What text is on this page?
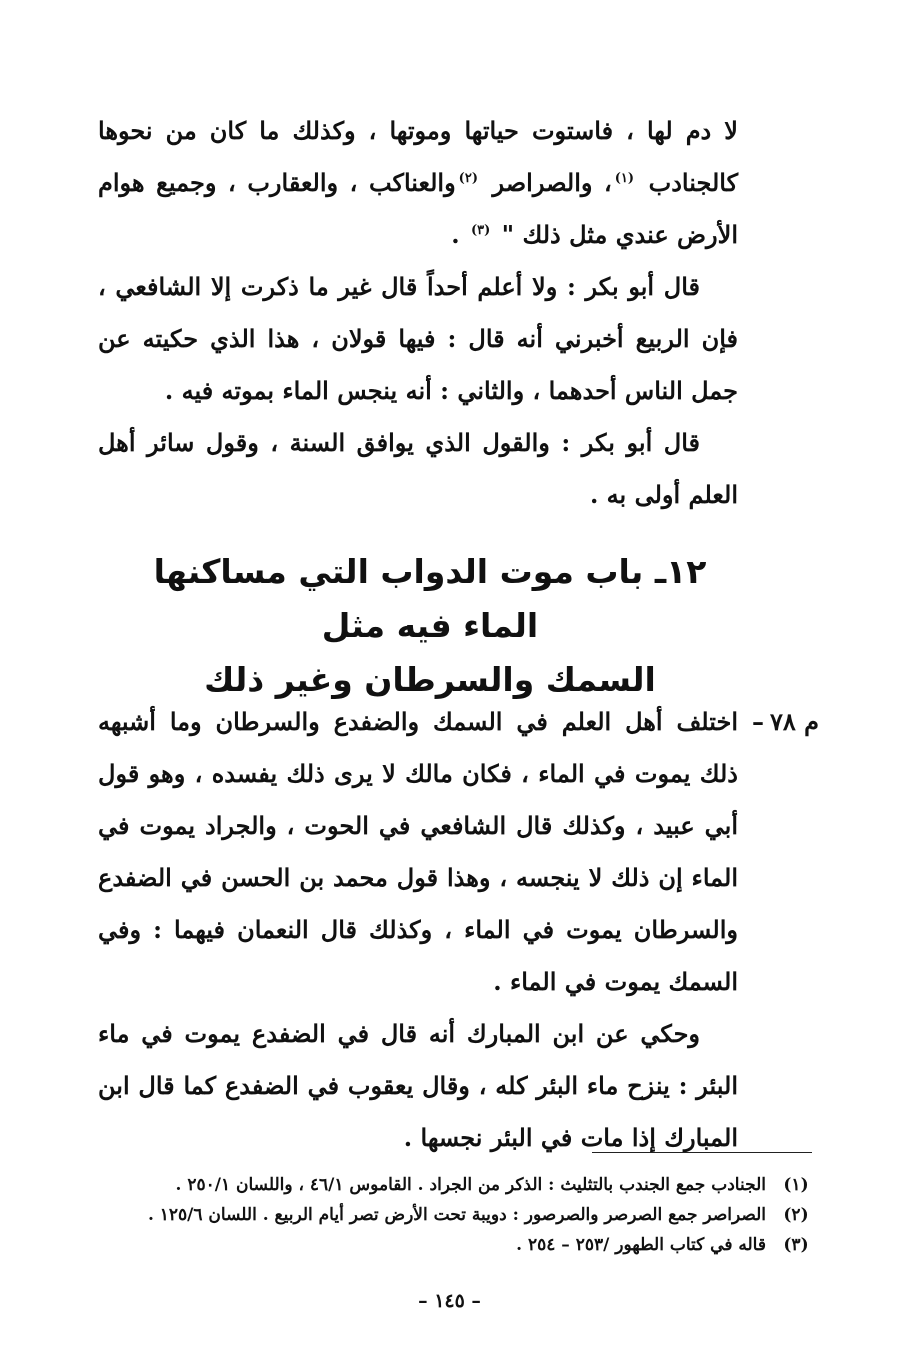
لا دم لها ، فاستوت حياتها وموتها ، وكذلك ما كان من نحوها كالجنادب $^{(١)}$، والصراصر $^{(٢)}$والعناكب ، والعقارب ، وجميع هوام الأرض عندي مثل ذلك " $^{(٣)}$ .

قال أبو بكر : ولا أعلم أحداً قال غير ما ذكرت إلا الشافعي ، فإن الربيع أخبرني أنه قال : فيها قولان ، هذا الذي حكيته عن جمل الناس أحدهما ، والثاني : أنه ينجس الماء بموته فيه .

قال أبو بكر : والقول الذي يوافق السنة ، وقول سائر أهل العلم أولى به .

١٢ـ باب موت الدواب التي مساكنها الماء فيه مثل
السمك والسرطان وغير ذلك
م ٧٨–

اختلف أهل العلم في السمك والضفدع والسرطان وما أشبهه ذلك يموت في الماء ، فكان مالك لا يرى ذلك يفسده ، وهو قول أبي عبيد ، وكذلك قال الشافعي في الحوت ، والجراد يموت في الماء إن ذلك لا ينجسه ، وهذا قول محمد بن الحسن في الضفدع والسرطان يموت في الماء ، وكذلك قال النعمان فيهما : وفي السمك يموت في الماء .

وحكي عن ابن المبارك أنه قال في الضفدع يموت في ماء البئر : ينزح ماء البئر كله ، وقال يعقوب في الضفدع كما قال ابن المبارك إذا مات في البئر نجسها .

(١)
الجنادب جمع الجندب بالتثليث : الذكر من الجراد . القاموس ٤٦/١ ، واللسان ٢٥٠/١ .
(٢)
الصراصر جمع الصرصر والصرصور : دويبة تحت الأرض تصر أيام الربيع . اللسان ١٢٥/٦ .
(٣)
قاله في كتاب الطهور /٢٥٣ – ٢٥٤ .
– ١٤٥ –
